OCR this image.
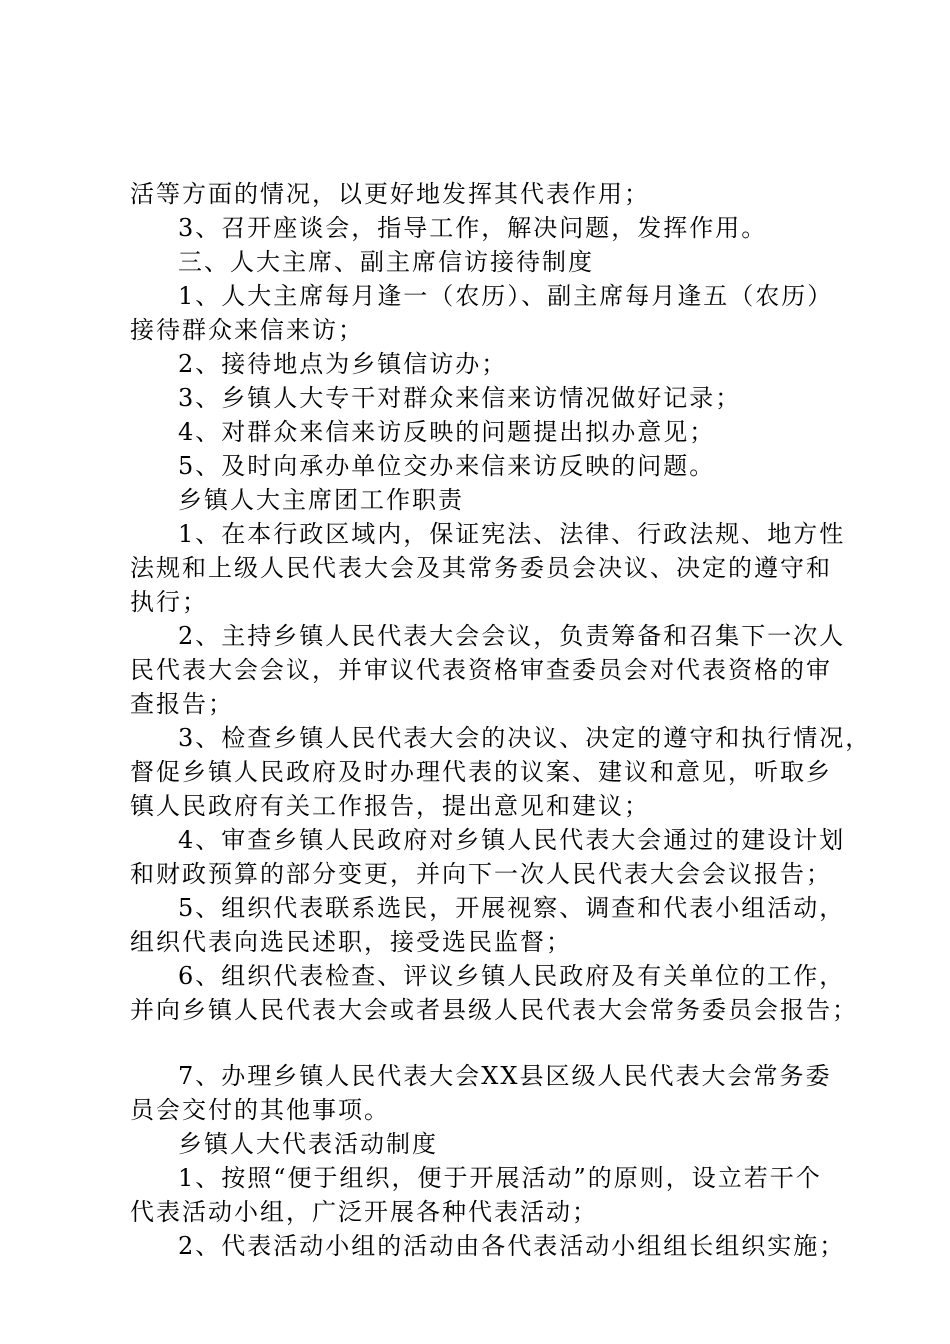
活等方面的情况，以更好地发挥其代表作用；
3、召开座谈会，指导工作，解决问题，发挥作用。
三、人大主席、副主席信访接待制度
1、人大主席每月逢一（农历）、副主席每月逢五（农历）
接待群众来信来访；
2、接待地点为乡镇信访办；
3、乡镇人大专干对群众来信来访情况做好记录；
4、对群众来信来访反映的问题提出拟办意见；
5、及时向承办单位交办来信来访反映的问题。
乡镇人大主席团工作职责
1、在本行政区域内，保证宪法、法律、行政法规、地方性
法规和上级人民代表大会及其常务委员会决议、决定的遵守和
执行；
2、主持乡镇人民代表大会会议，负责筹备和召集下一次人
民代表大会会议，并审议代表资格审查委员会对代表资格的审
查报告；
3、检查乡镇人民代表大会的决议、决定的遵守和执行情况，
督促乡镇人民政府及时办理代表的议案、建议和意见，听取乡
镇人民政府有关工作报告，提出意见和建议；
4、审查乡镇人民政府对乡镇人民代表大会通过的建设计划
和财政预算的部分变更，并向下一次人民代表大会会议报告；
5、组织代表联系选民，开展视察、调查和代表小组活动，
组织代表向选民述职，接受选民监督；
6、组织代表检查、评议乡镇人民政府及有关单位的工作，
并向乡镇人民代表大会或者县级人民代表大会常务委员会报告；
7、办理乡镇人民代表大会XX县区级人民代表大会常务委
员会交付的其他事项。
乡镇人大代表活动制度
1、按照“便于组织，便于开展活动”的原则，设立若干个
代表活动小组，广泛开展各种代表活动；
2、代表活动小组的活动由各代表活动小组组长组织实施；
